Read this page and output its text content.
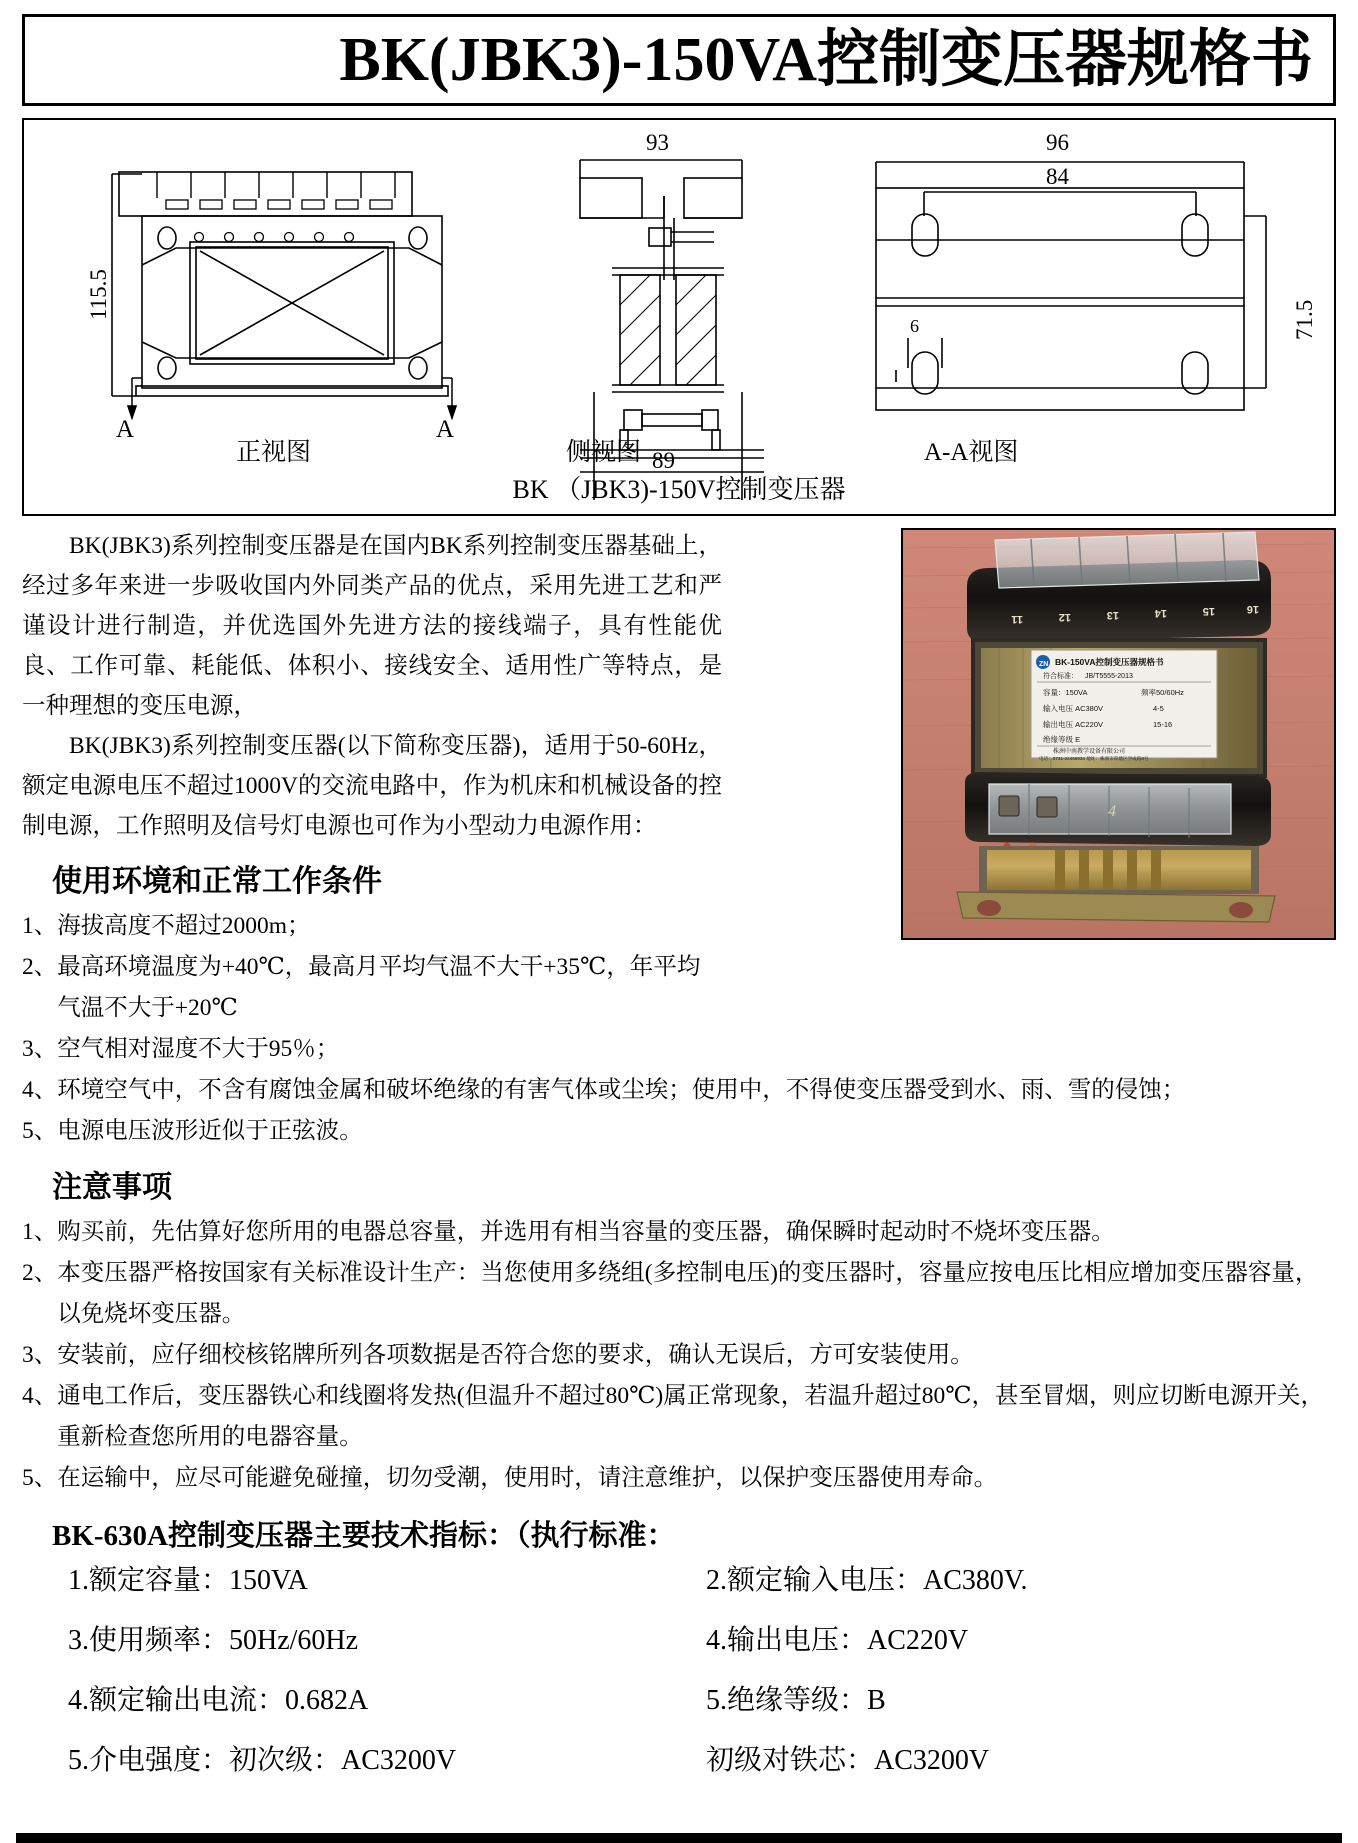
BK(JBK3)-150VA控制变压器规格书
115.5
93
89
96
84
71.5
6
A	A
正视图	侧视图	A-A视图
BK （JBK3)-150V控制变压器
11	12	13	14	15	16
ZN BK-150VA控制变压器规格书
符合标准： JB/T5555-2013
容量：150VA	频率50/60Hz
输入电压 AC380V	4-5
输出电压 AC220V	15-16
绝缘等级 E
株洲中南教学设备有限公司
电话：0731-22466934 地址：株洲市荷塘区学成路9号
4

BK(JBK3)系列控制变压器是在国内BK系列控制变压器基础上，经过多年来进一步吸收国内外同类产品的优点，采用先进工艺和严谨设计进行制造，并优选国外先进方法的接线端子，具有性能优良、工作可靠、耗能低、体积小、接线安全、适用性广等特点，是一种理想的变压电源，

BK(JBK3)系列控制变压器(以下简称变压器)，适用于50-60Hz，额定电源电压不超过1000V的交流电路中，作为机床和机械设备的控制电源，工作照明及信号灯电源也可作为小型动力电源作用：

使用环境和正常工作条件
1、 海拔高度不超过2000m；
2、 最高环境温度为+40℃，最高月平均气温不大干+35℃，年平均气温不大于+20℃
3、 空气相对湿度不大于95％；
4、 环境空气中，不含有腐蚀金属和破坏绝缘的有害气体或尘埃；使用中，不得使变压器受到水、雨、雪的侵蚀；
5、 电源电压波形近似于正弦波。
注意事项
1、 购买前，先估算好您所用的电器总容量，并选用有相当容量的变压器，确保瞬时起动时不烧坏变压器。
2、 本变压器严格按国家有关标准设计生产：当您使用多绕组(多控制电压)的变压器时，容量应按电压比相应增加变压器容量，以免烧坏变压器。
3、 安装前，应仔细校核铭牌所列各项数据是否符合您的要求，确认无误后，方可安装使用。
4、 通电工作后，变压器铁心和线圈将发热(但温升不超过80℃)属正常现象，若温升超过80℃，甚至冒烟，则应切断电源开关，重新检查您所用的电器容量。
5、 在运输中，应尽可能避免碰撞，切勿受潮，使用时，请注意维护，以保护变压器使用寿命。
BK-630A控制变压器主要技术指标：（执行标准：
1.额定容量：150VA	2.额定输入电压：AC380V.
3.使用频率：50Hz/60Hz	4.输出电压：AC220V
4.额定输出电流：0.682A	5.绝缘等级：B
5.介电强度：初次级：AC3200V	初级对铁芯：AC3200V
